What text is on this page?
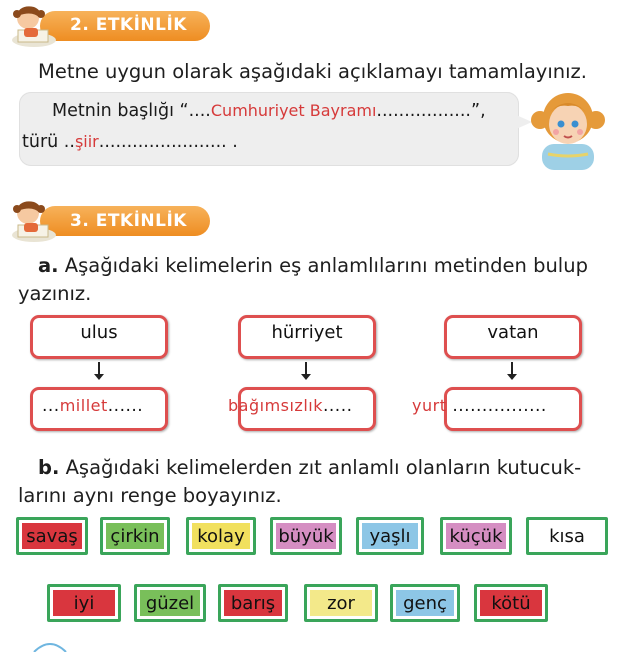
2. ETKİNLİK
Metne uygun olarak aşağıdaki açıklamayı tamamlayınız.
Metnin başlığı “....Cumhuriyet Bayramı.................”,
türü ..şiir....................... .
3. ETKİNLİK
a. Aşağıdaki kelimelerin eş anlamlılarını metinden bulup
yazınız.
ulus
...millet......
hürriyet
bağımsızlık.....
vatan
yurt ................
b. Aşağıdaki kelimelerden zıt anlamlı olanların kutucuk-
larını aynı renge boyayınız.
savaş	çirkin	kolay	büyük	yaşlı	küçük	kısa
iyi	güzel	barış	zor	genç	kötü
